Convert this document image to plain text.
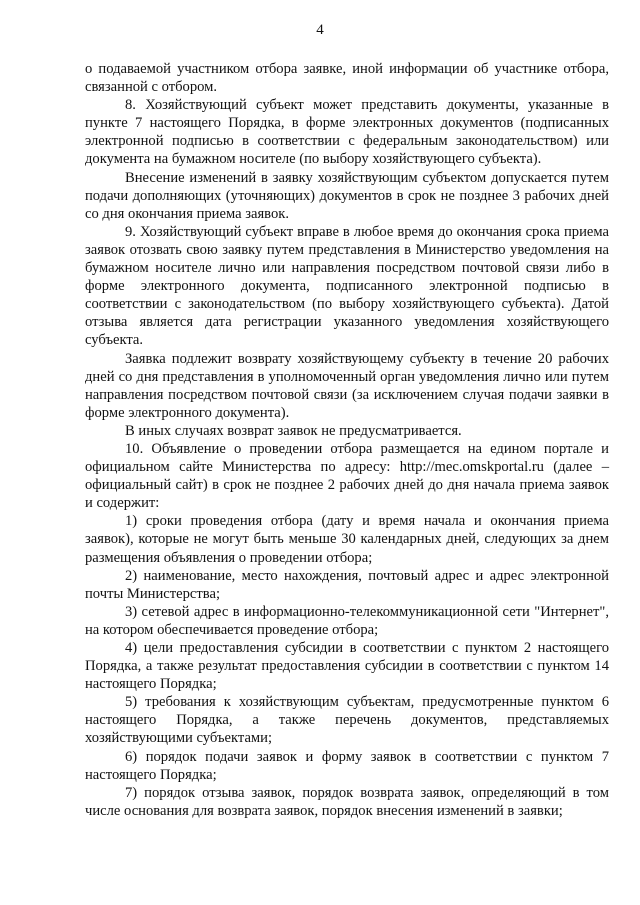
4

о подаваемой участником отбора заявке, иной информации об участнике отбора, связанной с отбором.

8. Хозяйствующий субъект может представить документы, указанные в пункте 7 настоящего Порядка, в форме электронных документов (подписанных электронной подписью в соответствии с федеральным законодательством) или документа на бумажном носителе (по выбору хозяйствующего субъекта).

Внесение изменений в заявку хозяйствующим субъектом допускается путем подачи дополняющих (уточняющих) документов в срок не позднее 3 рабочих дней со дня окончания приема заявок.

9. Хозяйствующий субъект вправе в любое время до окончания срока приема заявок отозвать свою заявку путем представления в Министерство уведомления на бумажном носителе лично или направления посредством почтовой связи либо в форме электронного документа, подписанного электронной подписью в соответствии с законодательством (по выбору хозяйствующего субъекта). Датой отзыва является дата регистрации указанного уведомления хозяйствующего субъекта.

Заявка подлежит возврату хозяйствующему субъекту в течение 20 рабочих дней со дня представления в уполномоченный орган уведомления лично или путем направления посредством почтовой связи (за исключением случая подачи заявки в форме электронного документа).

В иных случаях возврат заявок не предусматривается.

10. Объявление о проведении отбора размещается на едином портале и официальном сайте Министерства по адресу: http://mec.omskportal.ru (далее – официальный сайт) в срок не позднее 2 рабочих дней до дня начала приема заявок и содержит:

1) сроки проведения отбора (дату и время начала и окончания приема заявок), которые не могут быть меньше 30 календарных дней, следующих за днем размещения объявления о проведении отбора;

2) наименование, место нахождения, почтовый адрес и адрес электронной почты Министерства;

3) сетевой адрес в информационно-телекоммуникационной сети "Интернет", на котором обеспечивается проведение отбора;

4) цели предоставления субсидии в соответствии с пунктом 2 настоящего Порядка, а также результат предоставления субсидии в соответствии с пунктом 14 настоящего Порядка;

5) требования к хозяйствующим субъектам, предусмотренные пунктом 6 настоящего Порядка, а также перечень документов, представляемых хозяйствующими субъектами;

6) порядок подачи заявок и форму заявок в соответствии с пунктом 7 настоящего Порядка;

7) порядок отзыва заявок, порядок возврата заявок, определяющий в том числе основания для возврата заявок, порядок внесения изменений в заявки;
